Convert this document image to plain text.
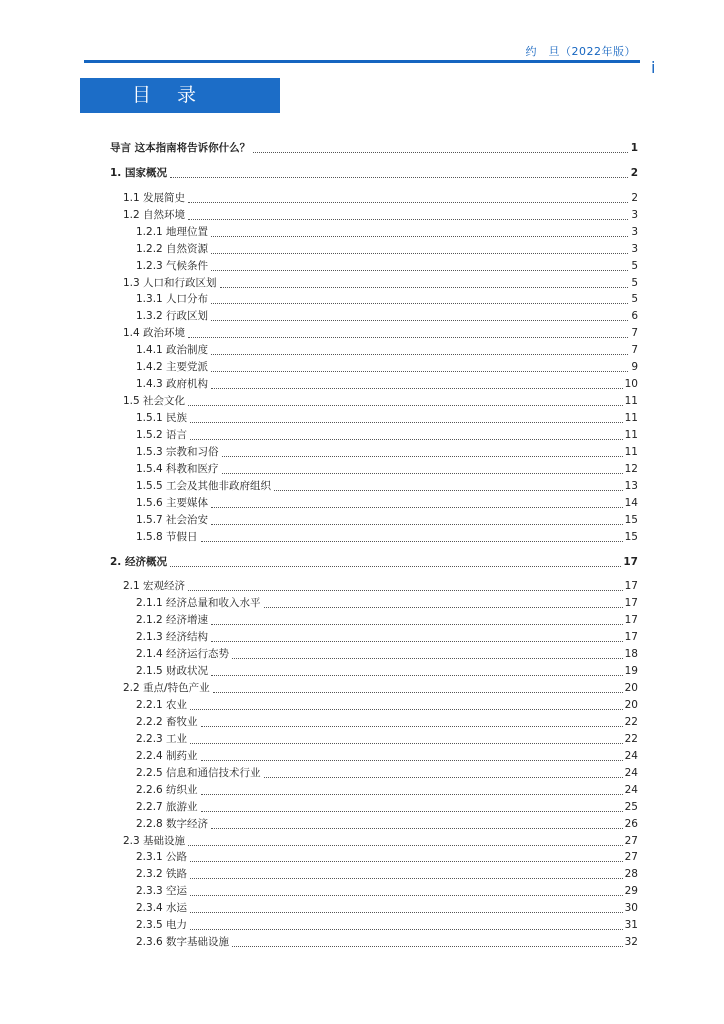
约　旦（2022年版）
i
目 录
导言 这本指南将告诉你什么？	1
1. 国家概况	2
1.1 发展简史	2
1.2 自然环境	3
1.2.1 地理位置	3
1.2.2 自然资源	3
1.2.3 气候条件	5
1.3 人口和行政区划	5
1.3.1 人口分布	5
1.3.2 行政区划	6
1.4 政治环境	7
1.4.1 政治制度	7
1.4.2 主要党派	9
1.4.3 政府机构	10
1.5 社会文化	11
1.5.1 民族	11
1.5.2 语言	11
1.5.3 宗教和习俗	11
1.5.4 科教和医疗	12
1.5.5 工会及其他非政府组织	13
1.5.6 主要媒体	14
1.5.7 社会治安	15
1.5.8 节假日	15
2. 经济概况	17
2.1 宏观经济	17
2.1.1 经济总量和收入水平	17
2.1.2 经济增速	17
2.1.3 经济结构	17
2.1.4 经济运行态势	18
2.1.5 财政状况	19
2.2 重点/特色产业	20
2.2.1 农业	20
2.2.2 畜牧业	22
2.2.3 工业	22
2.2.4 制药业	24
2.2.5 信息和通信技术行业	24
2.2.6 纺织业	24
2.2.7 旅游业	25
2.2.8 数字经济	26
2.3 基础设施	27
2.3.1 公路	27
2.3.2 铁路	28
2.3.3 空运	29
2.3.4 水运	30
2.3.5 电力	31
2.3.6 数字基础设施	32
